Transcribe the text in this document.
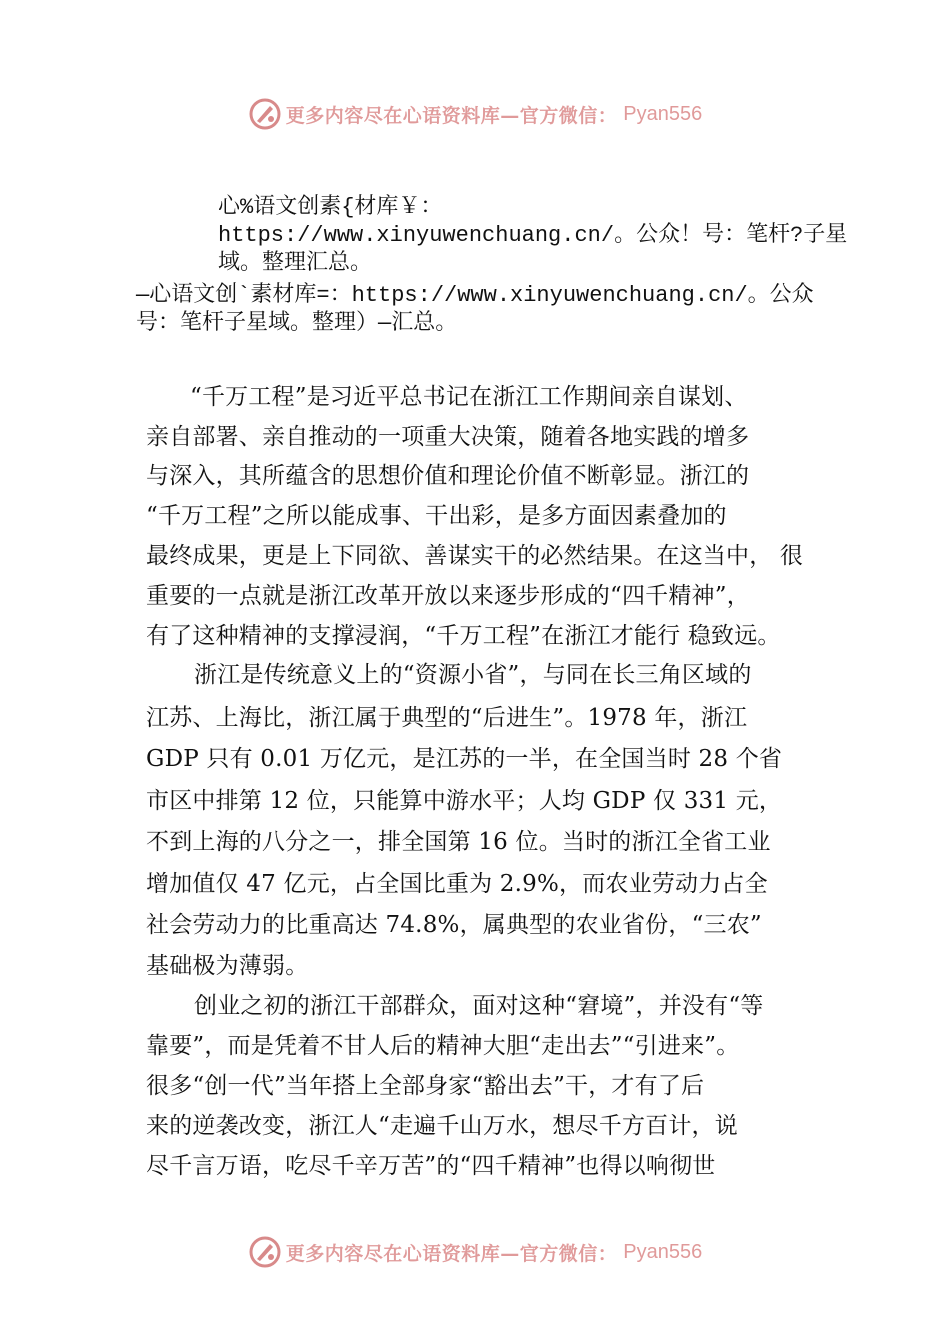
更多内容尽在心语资料库—官方微信： Pyan556
心%语文创素{材库￥：https://www.xinyuwenchuang.cn/。公众！号：笔杆?子星域。整理汇总。
—心语文创`素材库=：https://www.xinyuwenchuang.cn/。公众号：笔杆子星域。整理）—汇总。
“千万工程”是习近平总书记在浙江工作期间亲自谋划、
亲自部署、亲自推动的一项重大决策，随着各地实践的增多
与深入，其所蕴含的思想价值和理论价值不断彰显。浙江的
“千万工程”之所以能成事、干出彩，是多方面因素叠加的
最终成果，更是上下同欲、善谋实干的必然结果。在这当中， 很
重要的一点就是浙江改革开放以来逐步形成的“四千精神”，
有了这种精神的支撑浸润，“千万工程”在浙江才能行 稳致远。
浙江是传统意义上的“资源小省”，与同在长三角区域的
江苏、上海比，浙江属于典型的“后进生”。1978 年，浙江
GDP 只有 0.01 万亿元，是江苏的一半，在全国当时 28 个省
市区中排第 12 位，只能算中游水平；人均 GDP 仅 331 元，
不到上海的八分之一，排全国第 16 位。当时的浙江全省工业
增加值仅 47 亿元，占全国比重为 2.9%，而农业劳动力占全
社会劳动力的比重高达 74.8%，属典型的农业省份，“三农”
基础极为薄弱。
创业之初的浙江干部群众，面对这种“窘境”，并没有“等
靠要”，而是凭着不甘人后的精神大胆“走出去”“引进来”。
很多“创一代”当年搭上全部身家“豁出去”干，才有了后
来的逆袭改变，浙江人“走遍千山万水，想尽千方百计，说
尽千言万语，吃尽千辛万苦”的“四千精神”也得以响彻世
更多内容尽在心语资料库—官方微信： Pyan556
